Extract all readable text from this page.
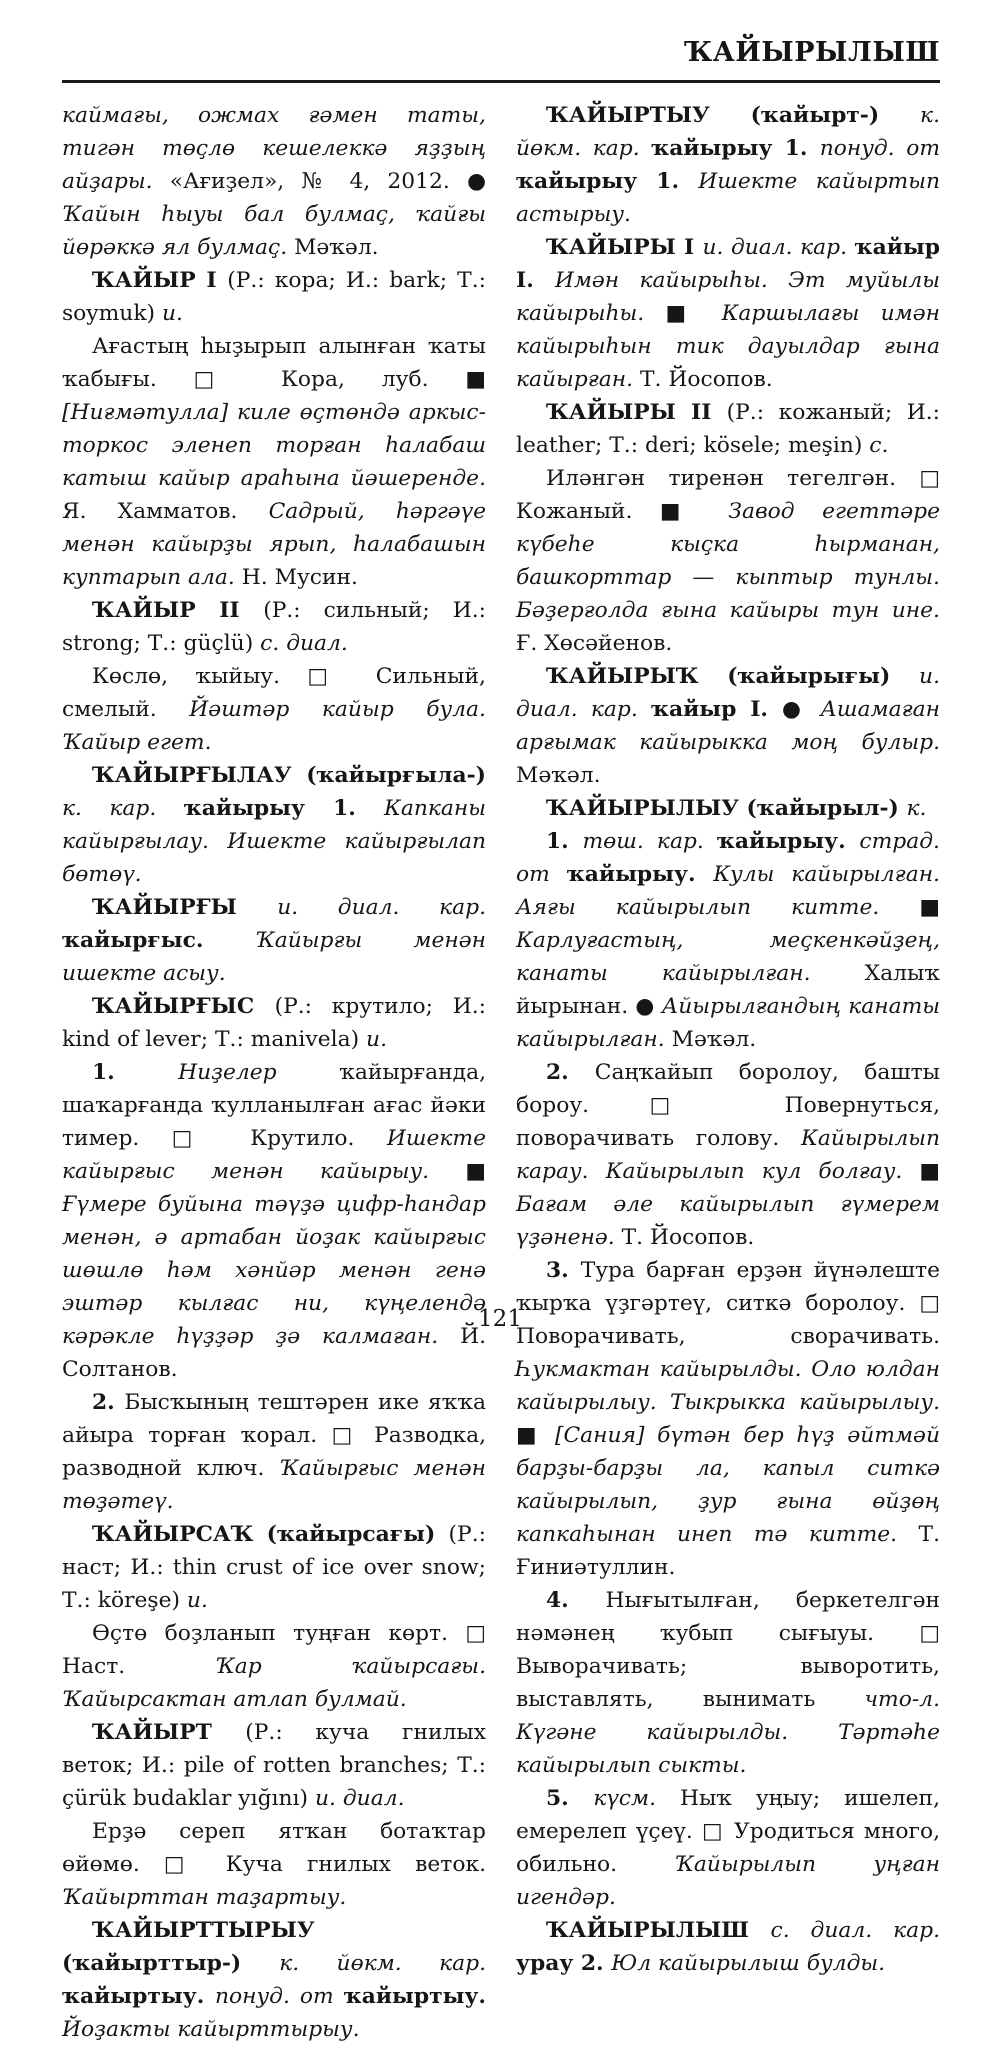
ҠАЙЫРЫЛЫШ

каймағы, ожмах ғәмен таты, тигән төҫлө кешелеккә яҙҙың айҙары. «Ағиҙел», № 4, 2012. ● Ҡайын һыуы бал булмаҫ, ҡайғы йөрәккә ял булмаҫ. Мәҡәл.

ҠАЙЫР I (Р.: кора; И.: bark; Т.: soymuk) и.

Ағастың һыҙырып алынған ҡаты ҡабығы. □ Кора, луб. ■ [Ниғмәтулла] киле өҫтөндә аркыс-торкос эленеп торған һалабаш катыш кайыр араһына йәшеренде. Я. Хамматов. Садрый, һәргәүе менән кайырҙы ярып, һалабашын куптарып ала. Н. Мусин.

ҠАЙЫР II (Р.: сильный; И.: strong; Т.: güçlü) с. диал.

Көслө, ҡыйыу. □ Сильный, смелый. Йәштәр кайыр була. Ҡайыр егет.

ҠАЙЫРҒЫЛАУ (ҡайырғыла-) к. кар. ҡайырыу 1. Капканы кайырғылау. Ишекте кайырғылап бөтөү.

ҠАЙЫРҒЫ и. диал. кар. ҡайырғыс. Ҡайырғы менән ишекте асыу.

ҠАЙЫРҒЫС (Р.: крутило; И.: kind of lever; Т.: manivela) и.

1. Ниҙелер ҡайырғанда, шаҡарғанда ҡулланылған ағас йәки тимер. □ Крутило. Ишекте кайырғыс менән кайырыу. ■ Ғүмере буйына тәүҙә цифр-һандар менән, ә артабан йоҙак кайырғыс шөшлө һәм хәнйәр менән генә эштәр кылғас ни, күңелендә кәрәкле һүҙҙәр ҙә калмаған. Й. Солтанов.

2. Бысҡының тештәрен ике яҡҡа айыра торған ҡорал. □ Разводка, разводной ключ. Ҡайырғыс менән төҙәтеү.

ҠАЙЫРСАҠ (ҡайырсағы) (Р.: наст; И.: thin crust of ice over snow; Т.: köreşe) и.

Өҫтө боҙланып туңған көрт. □ Наст. Ҡар ҡайырсағы. Ҡайырсактан атлап булмай.

ҠАЙЫРТ (Р.: куча гнилых веток; И.: pile of rotten branches; Т.: çürük budaklar yığını) и. диал.

Ерҙә сереп ятҡан ботаҡтар өйөмө. □ Куча гнилых веток. Ҡайырттан таҙартыу.

ҠАЙЫРТТЫРЫУ (ҡайырттыр-) к. йөкм. кар. ҡайыртыу. понуд. от ҡайыртыу. Йоҙакты кайырттырыу.

ҠАЙЫРТЫУ (ҡайырт-) к. йөкм. кар. ҡайырыу 1. понуд. от ҡайырыу 1. Ишекте кайыртып астырыу.

ҠАЙЫРЫ I и. диал. кар. ҡайыр I. Имән кайырыһы. Эт муйылы кайырыһы. ■ Каршылағы имән кайырыһын тик дауылдар ғына кайырған. Т. Йосопов.

ҠАЙЫРЫ II (Р.: кожаный; И.: leather; Т.: deri; kösele; meşin) с.

Иләнгән тиренән тегелгән. □ Кожаный. ■ Завод егеттәре күбеһе кыҫка һырманан, башкорттар — кыптыр тунлы. Бәҙерғолда ғына кайыры тун ине. Ғ. Хөсәйенов.

ҠАЙЫРЫҠ (ҡайырығы) и. диал. кар. ҡайыр I. ● Ашамаған арғымак кайырыкка моң булыр. Мәҡәл.

ҠАЙЫРЫЛЫУ (ҡайырыл-) к.

1. төш. кар. ҡайырыу. страд. от ҡайырыу. Кулы кайырылған. Аяғы кайырылып китте. ■ Карлуғастың, меҫкенкәйҙең, канаты кайырылған. Халыҡ йырынан. ● Айырылғандың канаты кайырылған. Мәҡәл.

2. Саңҡайып боролоу, башты бороу. □ Повернуться, поворачивать голову. Кайырылып карау. Кайырылып кул болғау. ■ Бағам әле кайырылып ғүмерем үҙәненә. Т. Йосопов.

3. Тура барған ерҙән йүнәлеште ҡырҡа үҙгәртеү, ситкә боролоу. □ Поворачивать, сворачивать. Һукмактан кайырылды. Оло юлдан кайырылыу. Тыкрыкка кайырылыу. ■ [Сания] бүтән бер һүҙ әйтмәй барҙы-барҙы ла, капыл ситкә кайырылып, ҙур ғына өйҙөң капкаһынан инеп тә китте. Т. Ғиниәтуллин.

4. Нығытылған, беркетелгән нәмәнең ҡубып сығыуы. □ Выворачивать; выворотить, выставлять, вынимать что-л. Күгәне кайырылды. Тәртәһе кайырылып сыкты.

5. күсм. Ныҡ уңыу; ишелеп, емерелеп үҫеү. □ Уродиться много, обильно. Ҡайырылып уңған игендәр.

ҠАЙЫРЫЛЫШ с. диал. кар. урау 2. Юл кайырылыш булды.

121
